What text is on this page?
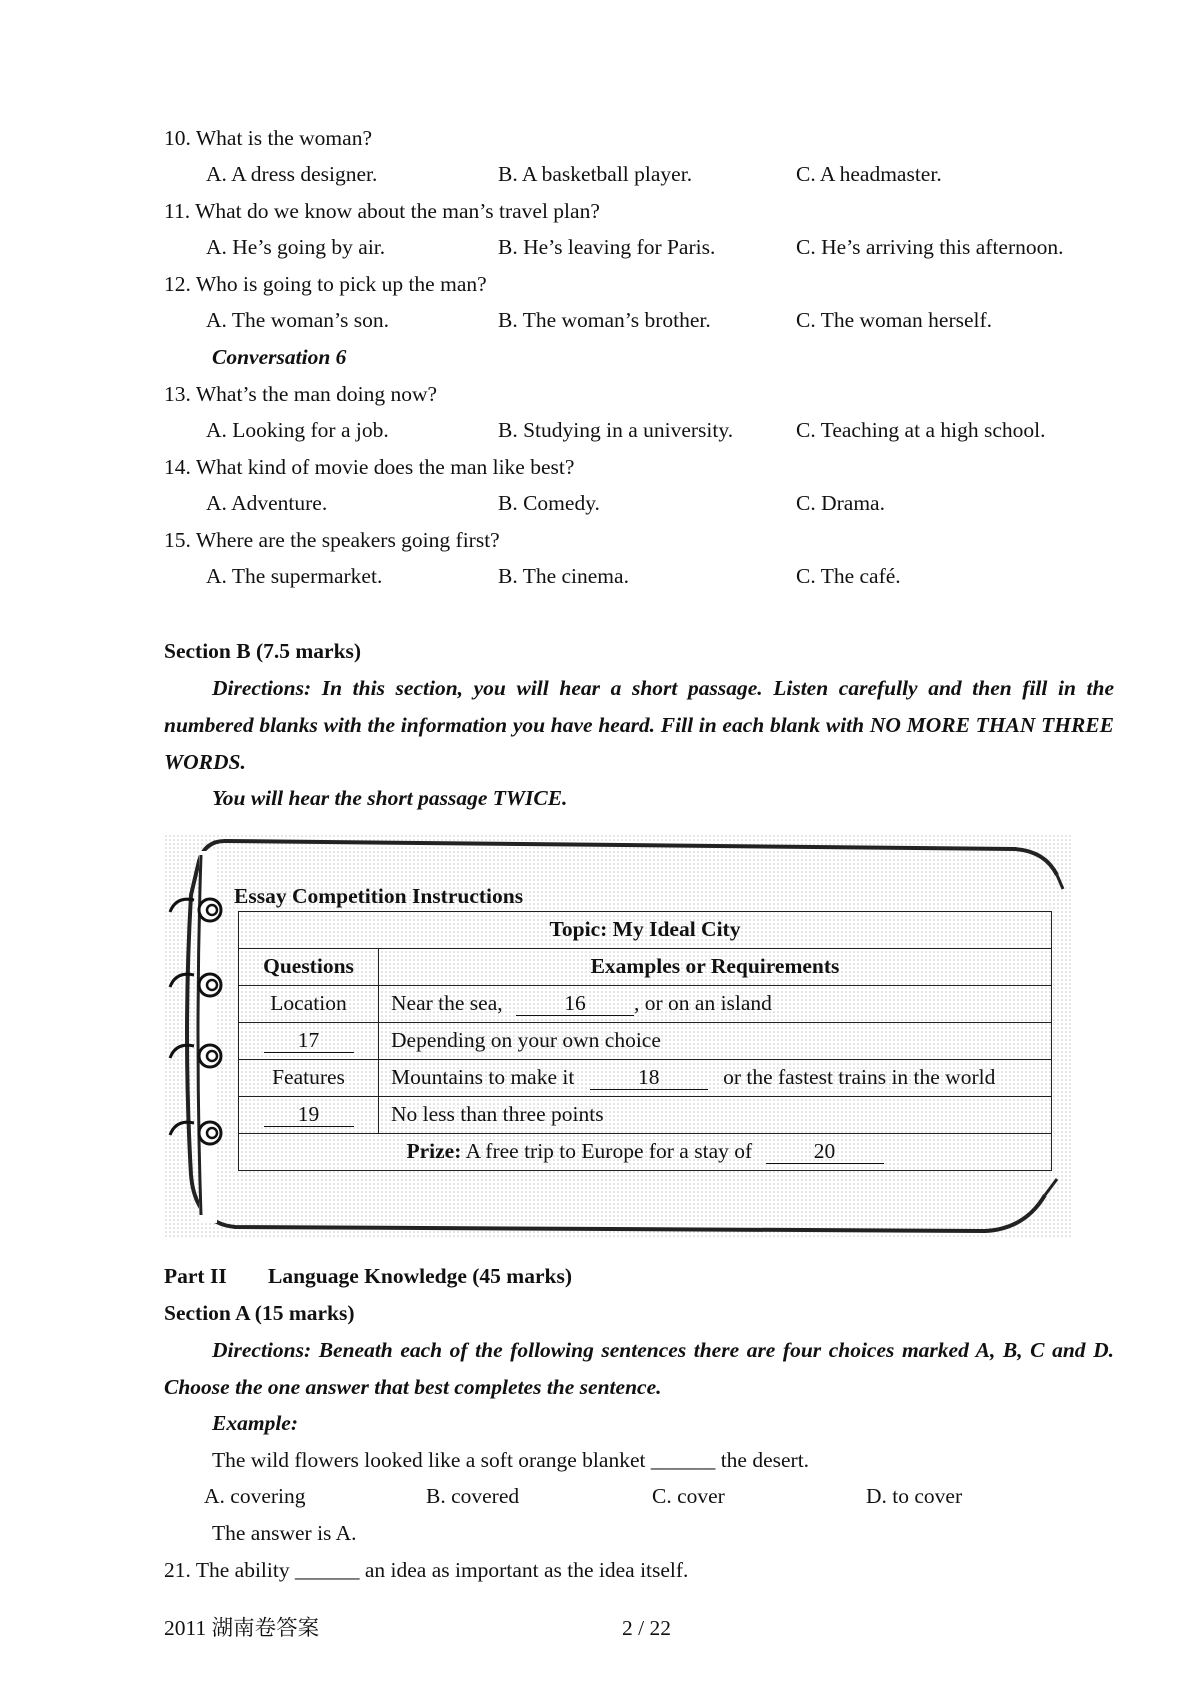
10. What is the woman?
A. A dress designer.	B. A basketball player.	C. A headmaster.
11. What do we know about the man’s travel plan?
A. He’s going by air.	B. He’s leaving for Paris.	C. He’s arriving this afternoon.
12. Who is going to pick up the man?
A. The woman’s son.	B. The woman’s brother.	C. The woman herself.
Conversation 6
13. What’s the man doing now?
A. Looking for a job.	B. Studying in a university.	C. Teaching at a high school.
14. What kind of movie does the man like best?
A. Adventure.	B. Comedy.	C. Drama.
15. Where are the speakers going first?
A. The supermarket.	B. The cinema.	C. The café.
Section B (7.5 marks)
Directions: In this section, you will hear a short passage. Listen carefully and then fill in the numbered blanks with the information you have heard. Fill in each blank with NO MORE THAN THREE WORDS.
You will hear the short passage TWICE.
Essay Competition Instructions
Topic: My Ideal City	
Questions	Examples or Requirements
Location	Near the sea, 16 , or on an island
17	Depending on your own choice
Features	Mountains to make it 18 or the fastest trains in the world
19	No less than three points
Prize: A free trip to Europe for a stay of 20	
Part II Language Knowledge (45 marks)
Section A (15 marks)
Directions: Beneath each of the following sentences there are four choices marked A, B, C and D. Choose the one answer that best completes the sentence.
Example:
The wild flowers looked like a soft orange blanket ______ the desert.
A. covering	B. covered	C. cover	D. to cover
The answer is A.
21. The ability ______ an idea as important as the idea itself.
2011 湖南卷答案	2 / 22
